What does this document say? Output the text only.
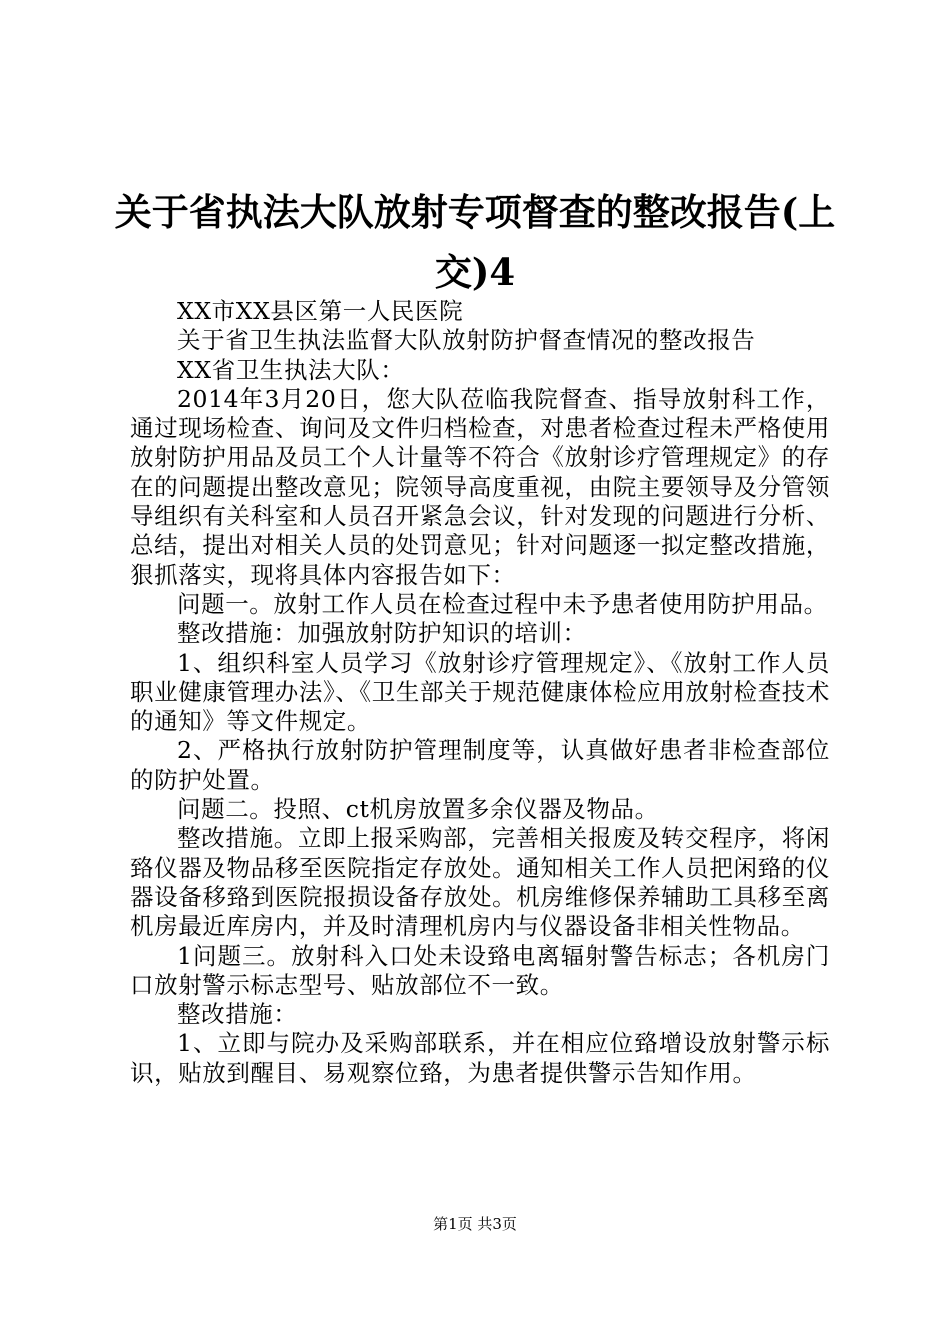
关于省执法大队放射专项督查的整改报告(上交)4

XX市XX县区第一人民医院

关于省卫生执法监督大队放射防护督查情况的整改报告

XX省卫生执法大队：

2014年3月20日，您大队莅临我院督查、指导放射科工作，通过现场检查、询问及文件归档检查，对患者检查过程未严格使用放射防护用品及员工个人计量等不符合《放射诊疗管理规定》的存在的问题提出整改意见；院领导高度重视，由院主要领导及分管领导组织有关科室和人员召开紧急会议，针对发现的问题进行分析、总结，提出对相关人员的处罚意见；针对问题逐一拟定整改措施，狠抓落实，现将具体内容报告如下：

问题一。放射工作人员在检查过程中未予患者使用防护用品。

整改措施：加强放射防护知识的培训：

1、组织科室人员学习《放射诊疗管理规定》、《放射工作人员职业健康管理办法》、《卫生部关于规范健康体检应用放射检查技术的通知》等文件规定。

2、严格执行放射防护管理制度等，认真做好患者非检查部位的防护处置。

问题二。投照、ct机房放置多余仪器及物品。

整改措施。立即上报采购部，完善相关报废及转交程序，将闲臵仪器及物品移至医院指定存放处。通知相关工作人员把闲臵的仪器设备移臵到医院报损设备存放处。机房维修保养辅助工具移至离机房最近库房内，并及时清理机房内与仪器设备非相关性物品。

1问题三。放射科入口处未设臵电离辐射警告标志；各机房门口放射警示标志型号、贴放部位不一致。

整改措施：

1、立即与院办及采购部联系，并在相应位臵增设放射警示标识，贴放到醒目、易观察位臵，为患者提供警示告知作用。

第1页 共3页
